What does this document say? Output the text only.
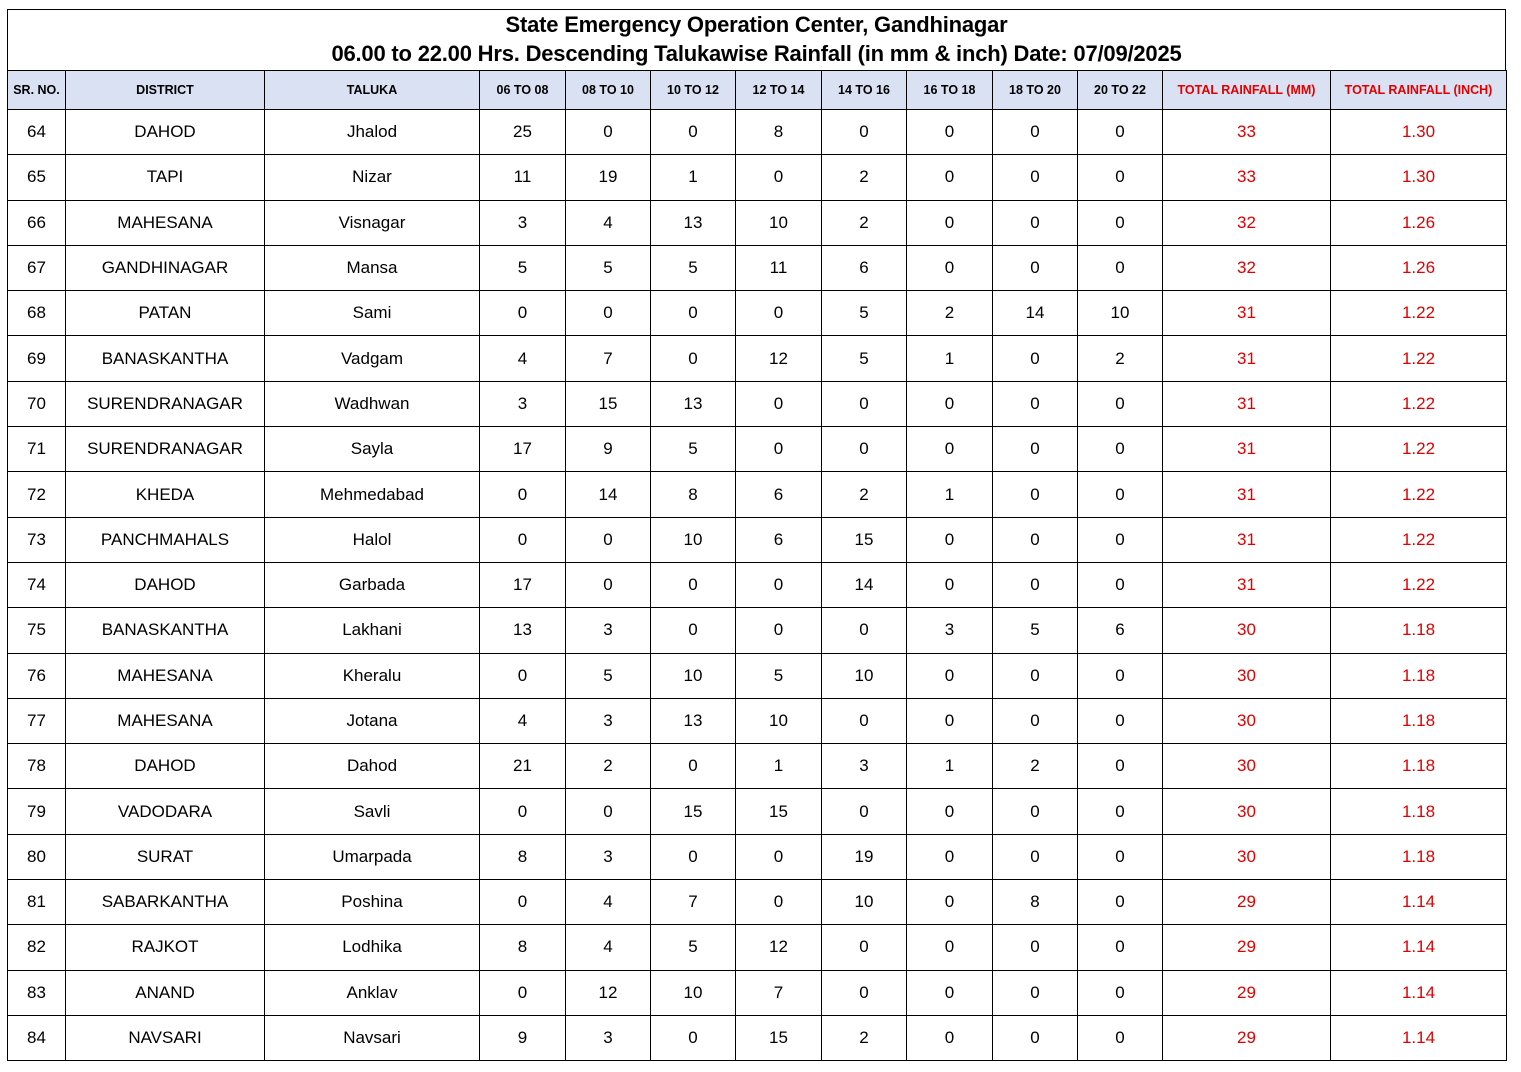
State Emergency Operation Center, Gandhinagar
06.00 to 22.00 Hrs. Descending Talukawise Rainfall (in mm & inch) Date: 07/09/2025
SR. NO.	DISTRICT	TALUKA	06 TO 08	08 TO 10	10 TO 12	12 TO 14	14 TO 16	16 TO 18	18 TO 20	20 TO 22	TOTAL RAINFALL (MM)	TOTAL RAINFALL (INCH)
64	DAHOD	Jhalod	25	0	0	8	0	0	0	0	33	1.30
65	TAPI	Nizar	11	19	1	0	2	0	0	0	33	1.30
66	MAHESANA	Visnagar	3	4	13	10	2	0	0	0	32	1.26
67	GANDHINAGAR	Mansa	5	5	5	11	6	0	0	0	32	1.26
68	PATAN	Sami	0	0	0	0	5	2	14	10	31	1.22
69	BANASKANTHA	Vadgam	4	7	0	12	5	1	0	2	31	1.22
70	SURENDRANAGAR	Wadhwan	3	15	13	0	0	0	0	0	31	1.22
71	SURENDRANAGAR	Sayla	17	9	5	0	0	0	0	0	31	1.22
72	KHEDA	Mehmedabad	0	14	8	6	2	1	0	0	31	1.22
73	PANCHMAHALS	Halol	0	0	10	6	15	0	0	0	31	1.22
74	DAHOD	Garbada	17	0	0	0	14	0	0	0	31	1.22
75	BANASKANTHA	Lakhani	13	3	0	0	0	3	5	6	30	1.18
76	MAHESANA	Kheralu	0	5	10	5	10	0	0	0	30	1.18
77	MAHESANA	Jotana	4	3	13	10	0	0	0	0	30	1.18
78	DAHOD	Dahod	21	2	0	1	3	1	2	0	30	1.18
79	VADODARA	Savli	0	0	15	15	0	0	0	0	30	1.18
80	SURAT	Umarpada	8	3	0	0	19	0	0	0	30	1.18
81	SABARKANTHA	Poshina	0	4	7	0	10	0	8	0	29	1.14
82	RAJKOT	Lodhika	8	4	5	12	0	0	0	0	29	1.14
83	ANAND	Anklav	0	12	10	7	0	0	0	0	29	1.14
84	NAVSARI	Navsari	9	3	0	15	2	0	0	0	29	1.14
